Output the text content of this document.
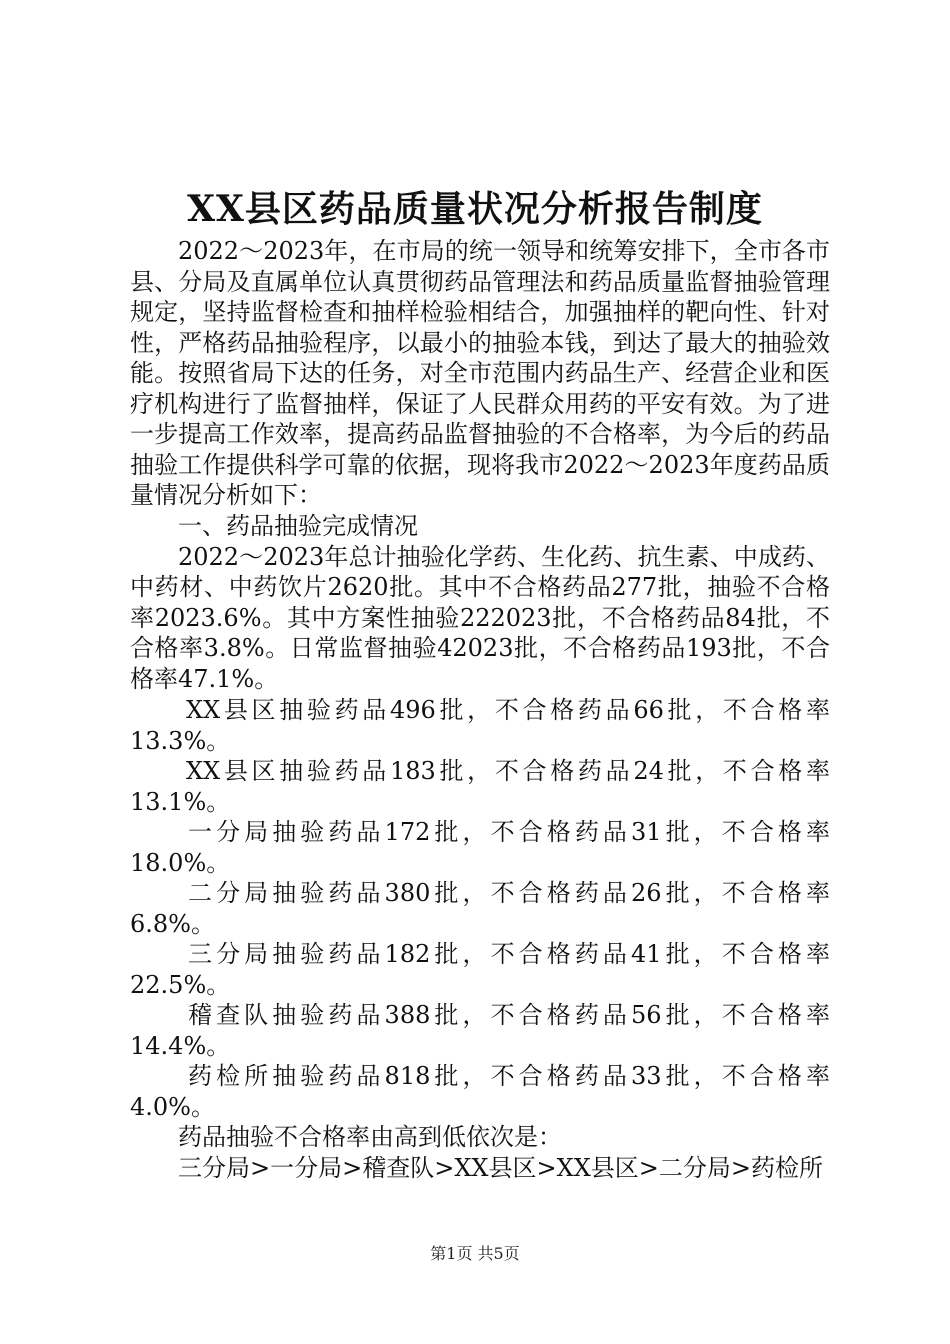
XX县区药品质量状况分析报告制度

2022～2023年，在市局的统一领导和统筹安排下，全市各市县、分局及直属单位认真贯彻药品管理法和药品质量监督抽验管理规定，坚持监督检查和抽样检验相结合，加强抽样的靶向性、针对性，严格药品抽验程序，以最小的抽验本钱，到达了最大的抽验效能。按照省局下达的任务，对全市范围内药品生产、经营企业和医疗机构进行了监督抽样，保证了人民群众用药的平安有效。为了进一步提高工作效率，提高药品监督抽验的不合格率，为今后的药品抽验工作提供科学可靠的依据，现将我市2022～2023年度药品质量情况分析如下：

一、药品抽验完成情况

2022～2023年总计抽验化学药、生化药、抗生素、中成药、中药材、中药饮片2620批。其中不合格药品277批，抽验不合格率2023.6%。其中方案性抽验222023批，不合格药品84批，不合格率3.8%。日常监督抽验42023批，不合格药品193批，不合格率47.1%。

XX县区抽验药品496批，不合格药品66批，不合格率
13.3%。
XX县区抽验药品183批，不合格药品24批，不合格率
13.1%。
一分局抽验药品172批，不合格药品31批，不合格率
18.0%。
二分局抽验药品380批，不合格药品26批，不合格率
6.8%。
三分局抽验药品182批，不合格药品41批，不合格率
22.5%。
稽查队抽验药品388批，不合格药品56批，不合格率
14.4%。
药检所抽验药品818批，不合格药品33批，不合格率
4.0%。
药品抽验不合格率由高到低依次是：
三分局>一分局>稽查队>XX县区>XX县区>二分局>药检所
第1页 共5页
